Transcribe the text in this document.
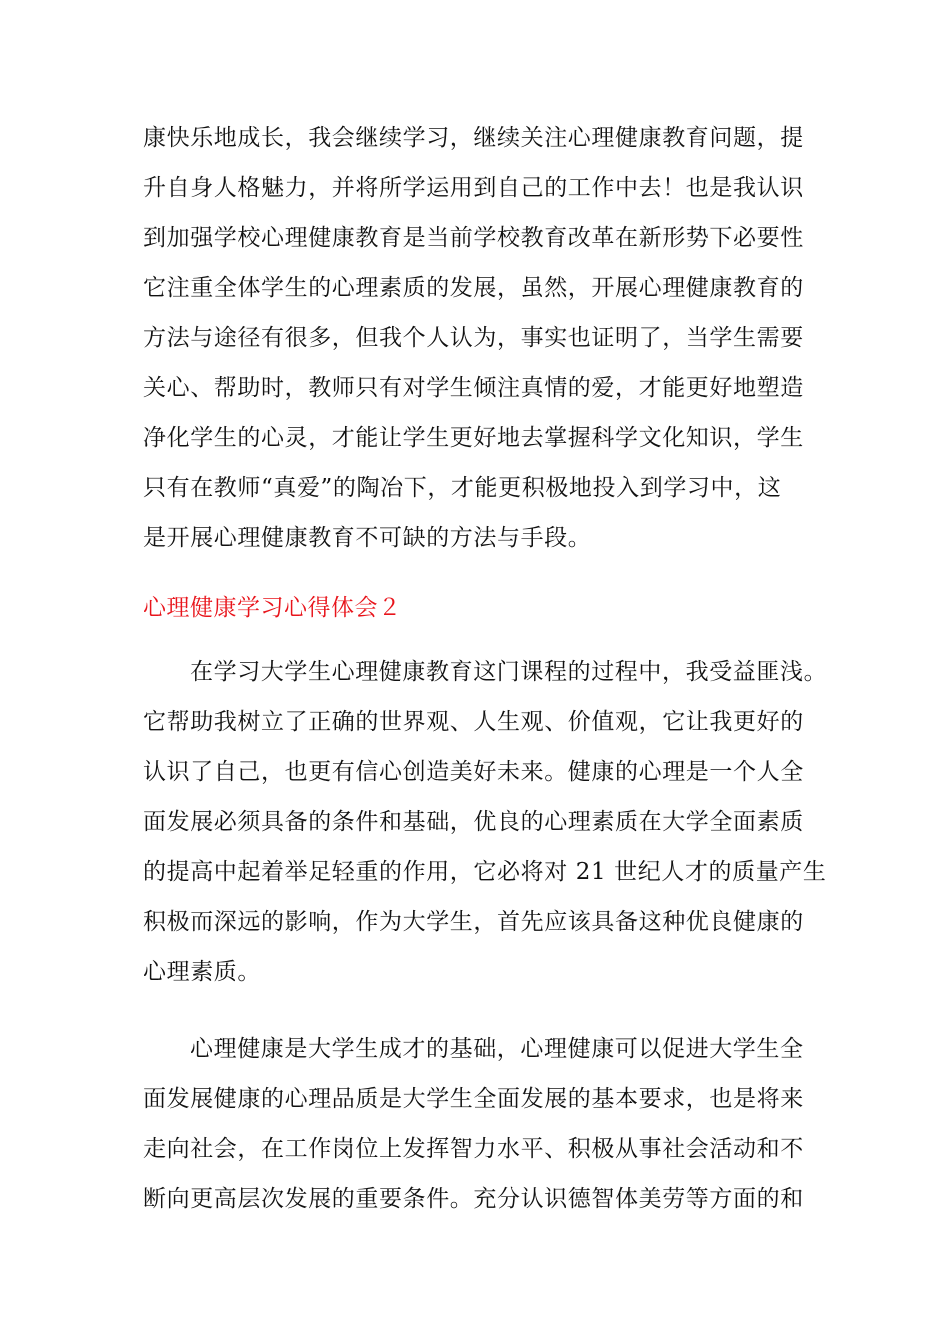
康快乐地成长，我会继续学习，继续关注心理健康教育问题，提
升自身人格魅力，并将所学运用到自己的工作中去！也是我认识
到加强学校心理健康教育是当前学校教育改革在新形势下必要性
它注重全体学生的心理素质的发展，虽然，开展心理健康教育的
方法与途径有很多，但我个人认为，事实也证明了，当学生需要
关心、帮助时，教师只有对学生倾注真情的爱，才能更好地塑造
净化学生的心灵，才能让学生更好地去掌握科学文化知识，学生
只有在教师“真爱”的陶冶下，才能更积极地投入到学习中，这
是开展心理健康教育不可缺的方法与手段。
心理健康学习心得体会２
在学习大学生心理健康教育这门课程的过程中，我受益匪浅。
它帮助我树立了正确的世界观、人生观、价值观，它让我更好的
认识了自己，也更有信心创造美好未来。健康的心理是一个人全
面发展必须具备的条件和基础，优良的心理素质在大学全面素质
的提高中起着举足轻重的作用，它必将对 21 世纪人才的质量产生
积极而深远的影响，作为大学生，首先应该具备这种优良健康的
心理素质。
心理健康是大学生成才的基础，心理健康可以促进大学生全
面发展健康的心理品质是大学生全面发展的基本要求，也是将来
走向社会，在工作岗位上发挥智力水平、积极从事社会活动和不
断向更高层次发展的重要条件。充分认识德智体美劳等方面的和
